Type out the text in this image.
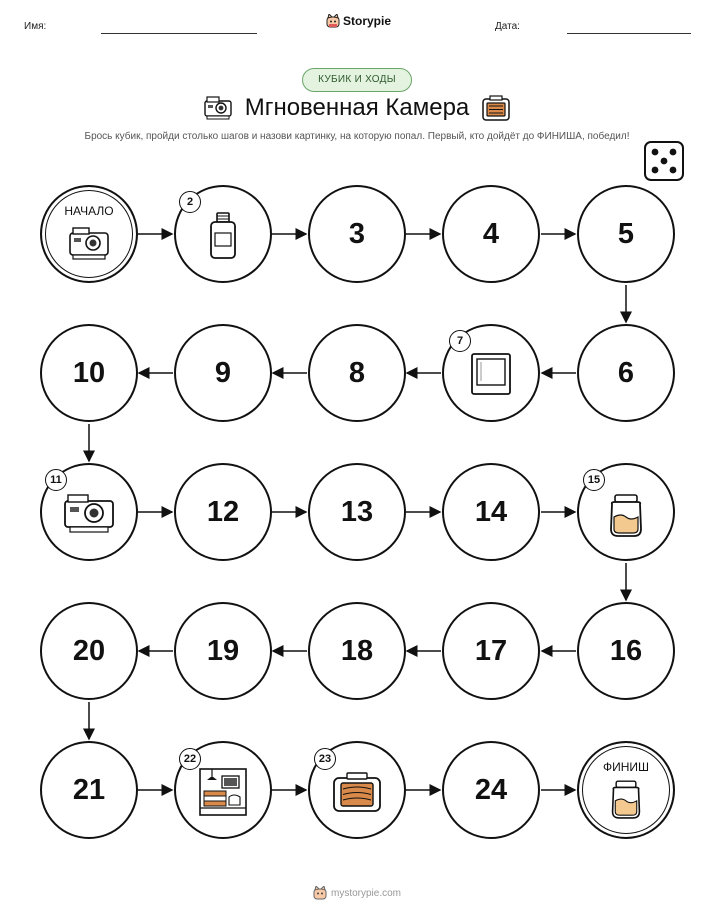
Имя:	Storypie	Дата:
КУБИК И ХОДЫ
Мгновенная Камера
Брось кубик, пройди столько шагов и назови картинку, на которую попал. Первый, кто дойдёт до ФИНИША, победил!
НАЧАЛО
2
3	4	5
10	9	8
7
6
11
12	13	14
15
20	19	18	17	16
21
22	23
24
ФИНИШ
mystorypie.com
